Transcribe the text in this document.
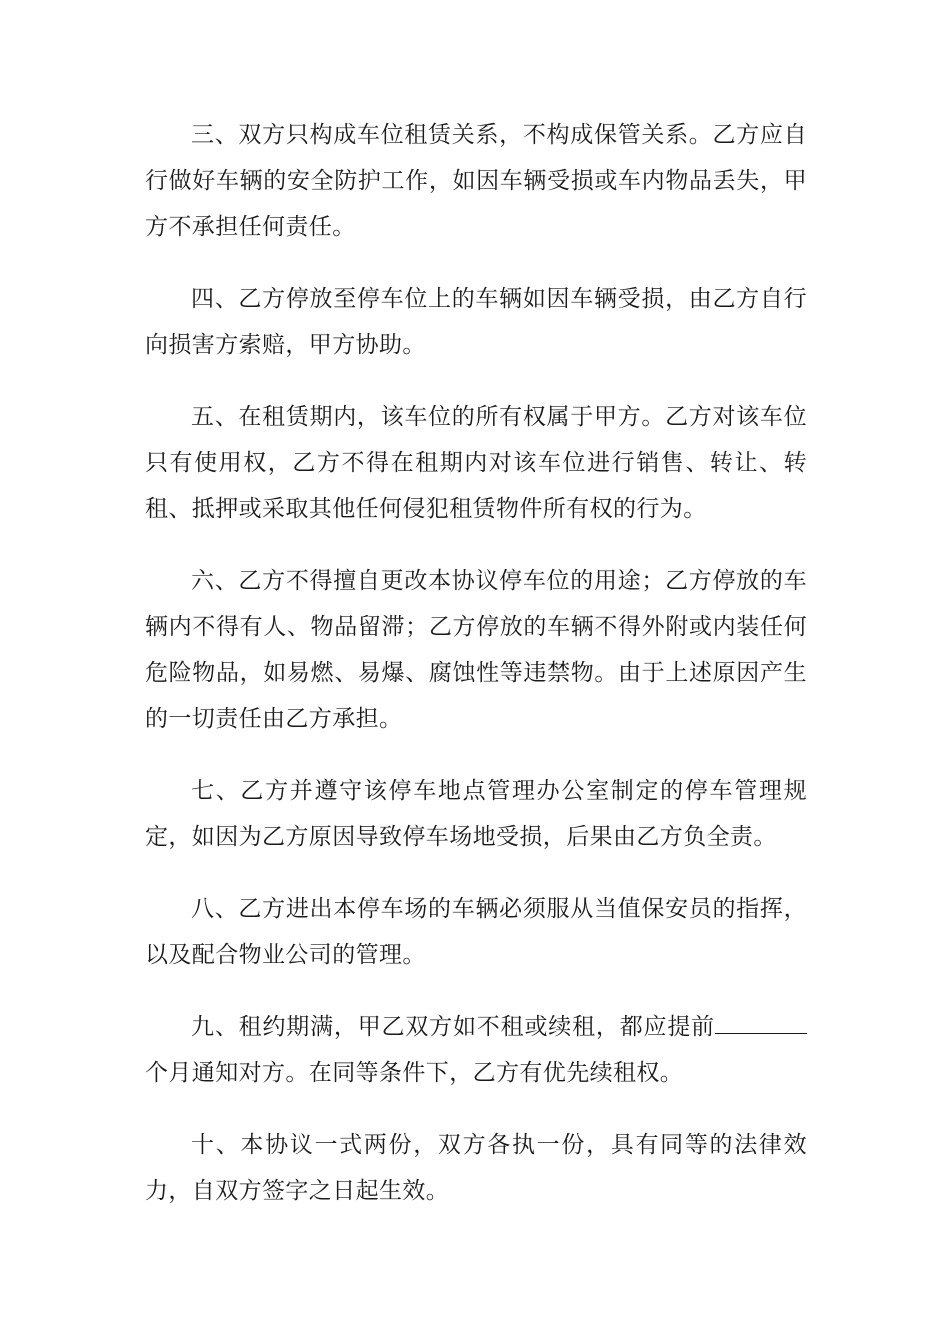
三、双方只构成车位租赁关系，不构成保管关系。乙方应自行做好车辆的安全防护工作，如因车辆受损或车内物品丢失，甲方不承担任何责任。

四、乙方停放至停车位上的车辆如因车辆受损，由乙方自行向损害方索赔，甲方协助。

五、在租赁期内，该车位的所有权属于甲方。乙方对该车位只有使用权，乙方不得在租期内对该车位进行销售、转让、转租、抵押或采取其他任何侵犯租赁物件所有权的行为。

六、乙方不得擅自更改本协议停车位的用途；乙方停放的车辆内不得有人、物品留滞；乙方停放的车辆不得外附或内装任何危险物品，如易燃、易爆、腐蚀性等违禁物。由于上述原因产生的一切责任由乙方承担。

七、乙方并遵守该停车地点管理办公室制定的停车管理规定，如因为乙方原因导致停车场地受损，后果由乙方负全责。

八、乙方进出本停车场的车辆必须服从当值保安员的指挥，以及配合物业公司的管理。

九、租约期满，甲乙双方如不租或续租，都应提前个月通知对方。在同等条件下，乙方有优先续租权。

十、本协议一式两份，双方各执一份，具有同等的法律效力，自双方签字之日起生效。
